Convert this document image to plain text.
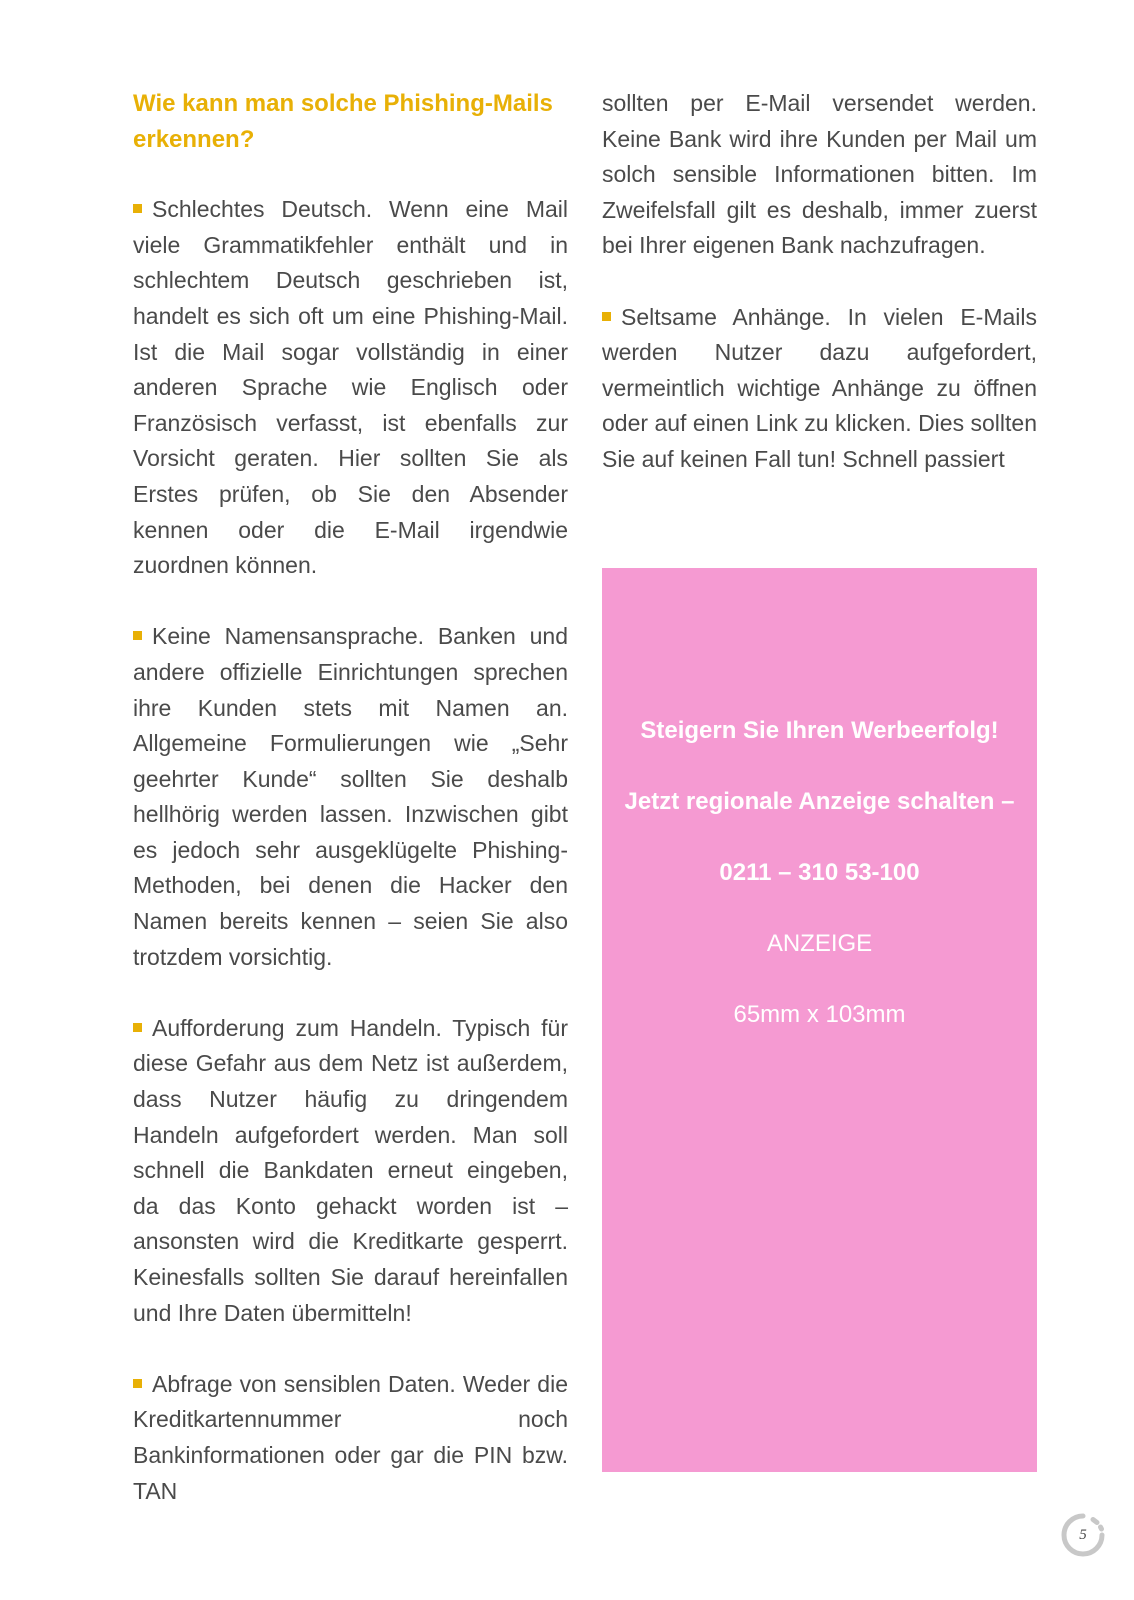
Wie kann man solche Phishing-Mails erkennen?

Schlechtes Deutsch. Wenn eine Mail viele Grammatikfehler enthält und in schlechtem Deutsch geschrieben ist, handelt es sich oft um eine Phishing-Mail. Ist die Mail sogar vollständig in einer anderen Sprache wie Englisch oder Französisch verfasst, ist ebenfalls zur Vorsicht geraten. Hier sollten Sie als Erstes prüfen, ob Sie den Absender kennen oder die E-Mail irgendwie zuordnen können.

Keine Namensansprache. Banken und andere offizielle Einrichtungen sprechen ihre Kunden stets mit Namen an. Allgemeine Formulierungen wie „Sehr geehrter Kunde“ sollten Sie deshalb hellhörig werden lassen. Inzwischen gibt es jedoch sehr ausgeklügelte Phishing-Methoden, bei denen die Hacker den Namen bereits kennen – seien Sie also trotzdem vorsichtig.

Aufforderung zum Handeln. Typisch für diese Gefahr aus dem Netz ist außerdem, dass Nutzer häufig zu dringendem Handeln aufgefordert werden. Man soll schnell die Bankdaten erneut eingeben, da das Konto gehackt worden ist – ansonsten wird die Kreditkarte gesperrt. Keinesfalls sollten Sie darauf hereinfallen und Ihre Daten übermitteln!

Abfrage von sensiblen Daten. Weder die Kreditkartennummer noch Bankinformationen oder gar die PIN bzw. TAN

sollten per E-Mail versendet werden. Keine Bank wird ihre Kunden per Mail um solch sensible Informationen bitten. Im Zweifelsfall gilt es deshalb, immer zuerst bei Ihrer eigenen Bank nachzufragen.

Seltsame Anhänge. In vielen E-Mails werden Nutzer dazu aufgefordert, vermeintlich wichtige Anhänge zu öffnen oder auf einen Link zu klicken. Dies sollten Sie auf keinen Fall tun! Schnell passiert

Steigern Sie Ihren Werbeerfolg!
Jetzt regionale Anzeige schalten –
0211 – 310 53-100
ANZEIGE
65mm x 103mm
5
